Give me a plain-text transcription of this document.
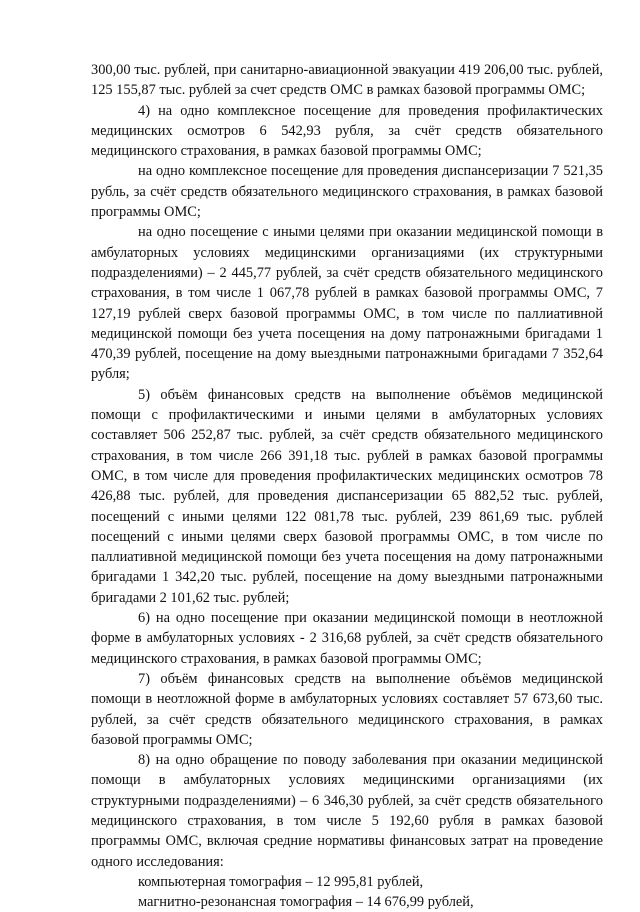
300,00 тыс. рублей, при санитарно-авиационной эвакуации 419 206,00 тыс. рублей, 125 155,87 тыс. рублей за счет средств ОМС в рамках базовой программы ОМС;

4) на одно комплексное посещение для проведения профилактических медицинских осмотров 6 542,93 рубля, за счёт средств обязательного медицинского страхования, в рамках базовой программы ОМС;

на одно комплексное посещение для проведения диспансеризации 7 521,35 рубль, за счёт средств обязательного медицинского страхования, в рамках базовой программы ОМС;

на одно посещение с иными целями при оказании медицинской помощи в амбулаторных условиях медицинскими организациями (их структурными подразделениями) – 2 445,77 рублей, за счёт средств обязательного медицинского страхования, в том числе 1 067,78 рублей в рамках базовой программы ОМС, 7 127,19 рублей сверх базовой программы ОМС, в том числе по паллиативной медицинской помощи без учета посещения на дому патронажными бригадами 1 470,39 рублей, посещение на дому выездными патронажными бригадами 7 352,64 рубля;

5) объём финансовых средств на выполнение объёмов медицинской помощи с профилактическими и иными целями в амбулаторных условиях составляет 506 252,87 тыс. рублей, за счёт средств обязательного медицинского страхования, в том числе 266 391,18 тыс. рублей в рамках базовой программы ОМС, в том числе для проведения профилактических медицинских осмотров 78 426,88 тыс. рублей, для проведения диспансеризации 65 882,52 тыс. рублей, посещений с иными целями 122 081,78 тыс. рублей, 239 861,69 тыс. рублей посещений с иными целями сверх базовой программы ОМС, в том числе по паллиативной медицинской помощи без учета посещения на дому патронажными бригадами 1 342,20 тыс. рублей, посещение на дому выездными патронажными бригадами 2 101,62 тыс. рублей;

6) на одно посещение при оказании медицинской помощи в неотложной форме в амбулаторных условиях - 2 316,68 рублей, за счёт средств обязательного медицинского страхования, в рамках базовой программы ОМС;

7) объём финансовых средств на выполнение объёмов медицинской помощи в неотложной форме в амбулаторных условиях составляет 57 673,60 тыс. рублей, за счёт средств обязательного медицинского страхования, в рамках базовой программы ОМС;

8) на одно обращение по поводу заболевания при оказании медицинской помощи в амбулаторных условиях медицинскими организациями (их структурными подразделениями) – 6 346,30 рублей, за счёт средств обязательного медицинского страхования, в том числе 5 192,60 рубля в рамках базовой программы ОМС, включая средние нормативы финансовых затрат на проведение одного исследования:

компьютерная томография – 12 995,81 рублей,

магнитно-резонансная томография – 14 676,99 рублей,
